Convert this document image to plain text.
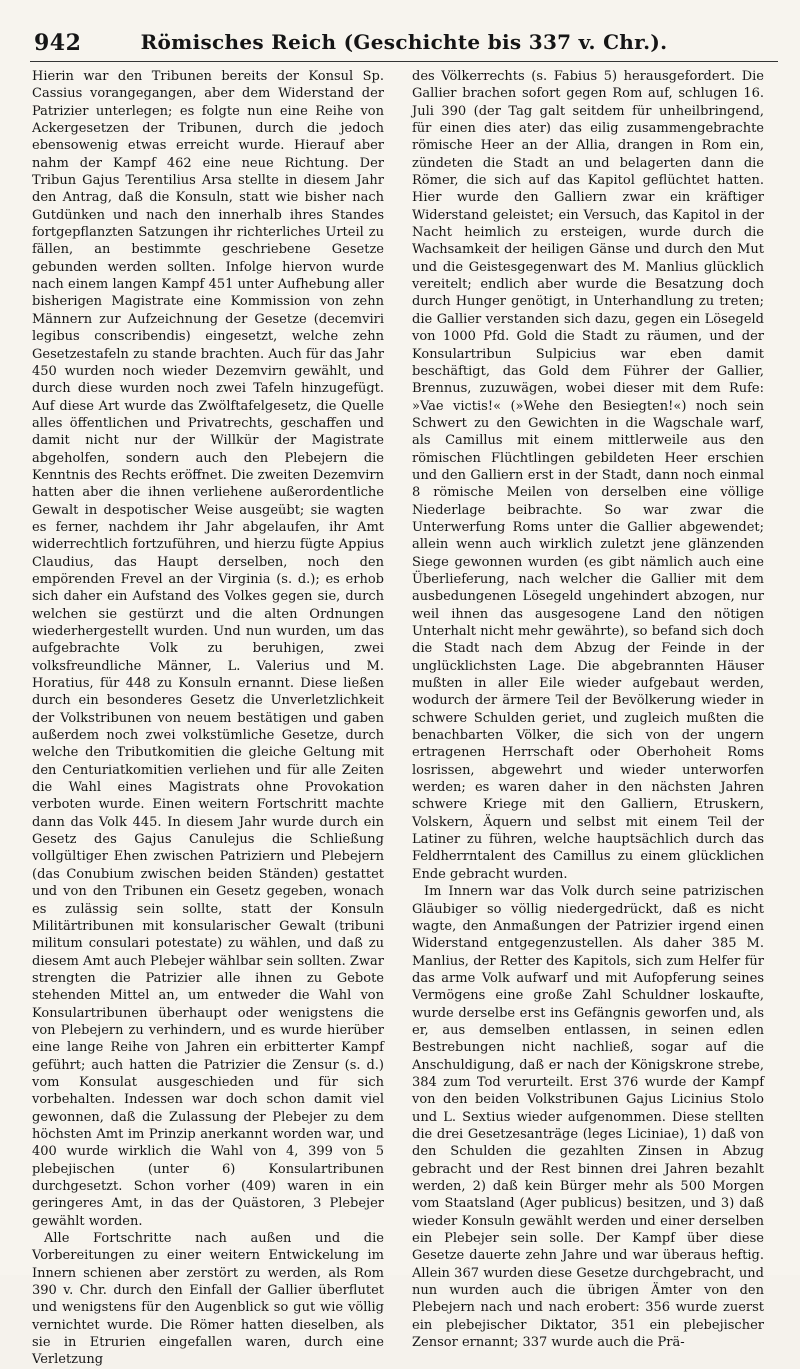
942	Römisches Reich (Geschichte bis 337 v. Chr.).

Hierin war den Tribunen bereits der Konsul Sp. Cassius vorangegangen, aber dem Widerstand der Patrizier unterlegen; es folgte nun eine Reihe von Ackergesetzen der Tribunen, durch die jedoch ebensowenig etwas erreicht wurde. Hierauf aber nahm der Kampf 462 eine neue Richtung. Der Tribun Gajus Terentilius Arsa stellte in diesem Jahr den Antrag, daß die Konsuln, statt wie bisher nach Gutdünken und nach den innerhalb ihres Standes fortgepflanzten Satzungen ihr richterliches Urteil zu fällen, an bestimmte geschriebene Gesetze gebunden werden sollten. Infolge hiervon wurde nach einem langen Kampf 451 unter Aufhebung aller bisherigen Magistrate eine Kommission von zehn Männern zur Aufzeichnung der Gesetze (decemviri legibus conscribendis) eingesetzt, welche zehn Gesetzestafeln zu stande brachten. Auch für das Jahr 450 wurden noch wieder Dezemvirn gewählt, und durch diese wurden noch zwei Tafeln hinzugefügt. Auf diese Art wurde das Zwölftafelgesetz, die Quelle alles öffentlichen und Privatrechts, geschaffen und damit nicht nur der Willkür der Magistrate abgeholfen, sondern auch den Plebejern die Kenntnis des Rechts eröffnet. Die zweiten Dezemvirn hatten aber die ihnen verliehene außerordentliche Gewalt in despotischer Weise ausgeübt; sie wagten es ferner, nachdem ihr Jahr abgelaufen, ihr Amt widerrechtlich fortzuführen, und hierzu fügte Appius Claudius, das Haupt derselben, noch den empörenden Frevel an der Virginia (s. d.); es erhob sich daher ein Aufstand des Volkes gegen sie, durch welchen sie gestürzt und die alten Ordnungen wiederhergestellt wurden. Und nun wurden, um das aufgebrachte Volk zu beruhigen, zwei volksfreundliche Männer, L. Valerius und M. Horatius, für 448 zu Konsuln ernannt. Diese ließen durch ein besonderes Gesetz die Unverletzlichkeit der Volkstribunen von neuem bestätigen und gaben außerdem noch zwei volkstümliche Gesetze, durch welche den Tributkomitien die gleiche Geltung mit den Centuriatkomitien verliehen und für alle Zeiten die Wahl eines Magistrats ohne Provokation verboten wurde. Einen weitern Fortschritt machte dann das Volk 445. In diesem Jahr wurde durch ein Gesetz des Gajus Canulejus die Schließung vollgültiger Ehen zwischen Patriziern und Plebejern (das Conubium zwischen beiden Ständen) gestattet und von den Tribunen ein Gesetz gegeben, wonach es zulässig sein sollte, statt der Konsuln Militärtribunen mit konsularischer Gewalt (tribuni militum consulari potestate) zu wählen, und daß zu diesem Amt auch Plebejer wählbar sein sollten. Zwar strengten die Patrizier alle ihnen zu Gebote stehenden Mittel an, um entweder die Wahl von Konsulartribunen überhaupt oder wenigstens die von Plebejern zu verhindern, und es wurde hierüber eine lange Reihe von Jahren ein erbitterter Kampf geführt; auch hatten die Patrizier die Zensur (s. d.) vom Konsulat ausgeschieden und für sich vorbehalten. Indessen war doch schon damit viel gewonnen, daß die Zulassung der Plebejer zu dem höchsten Amt im Prinzip anerkannt worden war, und 400 wurde wirklich die Wahl von 4, 399 von 5 plebejischen (unter 6) Konsulartribunen durchgesetzt. Schon vorher (409) waren in ein geringeres Amt, in das der Quästoren, 3 Plebejer gewählt worden.

Alle Fortschritte nach außen und die Vorbereitungen zu einer weitern Entwickelung im Innern schienen aber zerstört zu werden, als Rom 390 v. Chr. durch den Einfall der Gallier überflutet und wenigstens für den Augenblick so gut wie völlig vernichtet wurde. Die Römer hatten dieselben, als sie in Etrurien eingefallen waren, durch eine Verletzung

des Völkerrechts (s. Fabius 5) herausgefordert. Die Gallier brachen sofort gegen Rom auf, schlugen 16. Juli 390 (der Tag galt seitdem für unheilbringend, für einen dies ater) das eilig zusammengebrachte römische Heer an der Allia, drangen in Rom ein, zündeten die Stadt an und belagerten dann die Römer, die sich auf das Kapitol geflüchtet hatten. Hier wurde den Galliern zwar ein kräftiger Widerstand geleistet; ein Versuch, das Kapitol in der Nacht heimlich zu ersteigen, wurde durch die Wachsamkeit der heiligen Gänse und durch den Mut und die Geistesgegenwart des M. Manlius glücklich vereitelt; endlich aber wurde die Besatzung doch durch Hunger genötigt, in Unterhandlung zu treten; die Gallier verstanden sich dazu, gegen ein Lösegeld von 1000 Pfd. Gold die Stadt zu räumen, und der Konsulartribun Sulpicius war eben damit beschäftigt, das Gold dem Führer der Gallier, Brennus, zuzuwägen, wobei dieser mit dem Rufe: »Vae victis!« (»Wehe den Besiegten!«) noch sein Schwert zu den Gewichten in die Wagschale warf, als Camillus mit einem mittlerweile aus den römischen Flüchtlingen gebildeten Heer erschien und den Galliern erst in der Stadt, dann noch einmal 8 römische Meilen von derselben eine völlige Niederlage beibrachte. So war zwar die Unterwerfung Roms unter die Gallier abgewendet; allein wenn auch wirklich zuletzt jene glänzenden Siege gewonnen wurden (es gibt nämlich auch eine Überlieferung, nach welcher die Gallier mit dem ausbedungenen Lösegeld ungehindert abzogen, nur weil ihnen das ausgesogene Land den nötigen Unterhalt nicht mehr gewährte), so befand sich doch die Stadt nach dem Abzug der Feinde in der unglücklichsten Lage. Die abgebrannten Häuser mußten in aller Eile wieder aufgebaut werden, wodurch der ärmere Teil der Bevölkerung wieder in schwere Schulden geriet, und zugleich mußten die benachbarten Völker, die sich von der ungern ertragenen Herrschaft oder Oberhoheit Roms losrissen, abgewehrt und wieder unterworfen werden; es waren daher in den nächsten Jahren schwere Kriege mit den Galliern, Etruskern, Volskern, Äquern und selbst mit einem Teil der Latiner zu führen, welche hauptsächlich durch das Feldherrntalent des Camillus zu einem glücklichen Ende gebracht wurden.

Im Innern war das Volk durch seine patrizischen Gläubiger so völlig niedergedrückt, daß es nicht wagte, den Anmaßungen der Patrizier irgend einen Widerstand entgegenzustellen. Als daher 385 M. Manlius, der Retter des Kapitols, sich zum Helfer für das arme Volk aufwarf und mit Aufopferung seines Vermögens eine große Zahl Schuldner loskaufte, wurde derselbe erst ins Gefängnis geworfen und, als er, aus demselben entlassen, in seinen edlen Bestrebungen nicht nachließ, sogar auf die Anschuldigung, daß er nach der Königskrone strebe, 384 zum Tod verurteilt. Erst 376 wurde der Kampf von den beiden Volkstribunen Gajus Licinius Stolo und L. Sextius wieder aufgenommen. Diese stellten die drei Gesetzesanträge (leges Liciniae), 1) daß von den Schulden die gezahlten Zinsen in Abzug gebracht und der Rest binnen drei Jahren bezahlt werden, 2) daß kein Bürger mehr als 500 Morgen vom Staatsland (Ager publicus) besitzen, und 3) daß wieder Konsuln gewählt werden und einer derselben ein Plebejer sein solle. Der Kampf über diese Gesetze dauerte zehn Jahre und war überaus heftig. Allein 367 wurden diese Gesetze durchgebracht, und nun wurden auch die übrigen Ämter von den Plebejern nach und nach erobert: 356 wurde zuerst ein plebejischer Diktator, 351 ein plebejischer Zensor ernannt; 337 wurde auch die Prä-
